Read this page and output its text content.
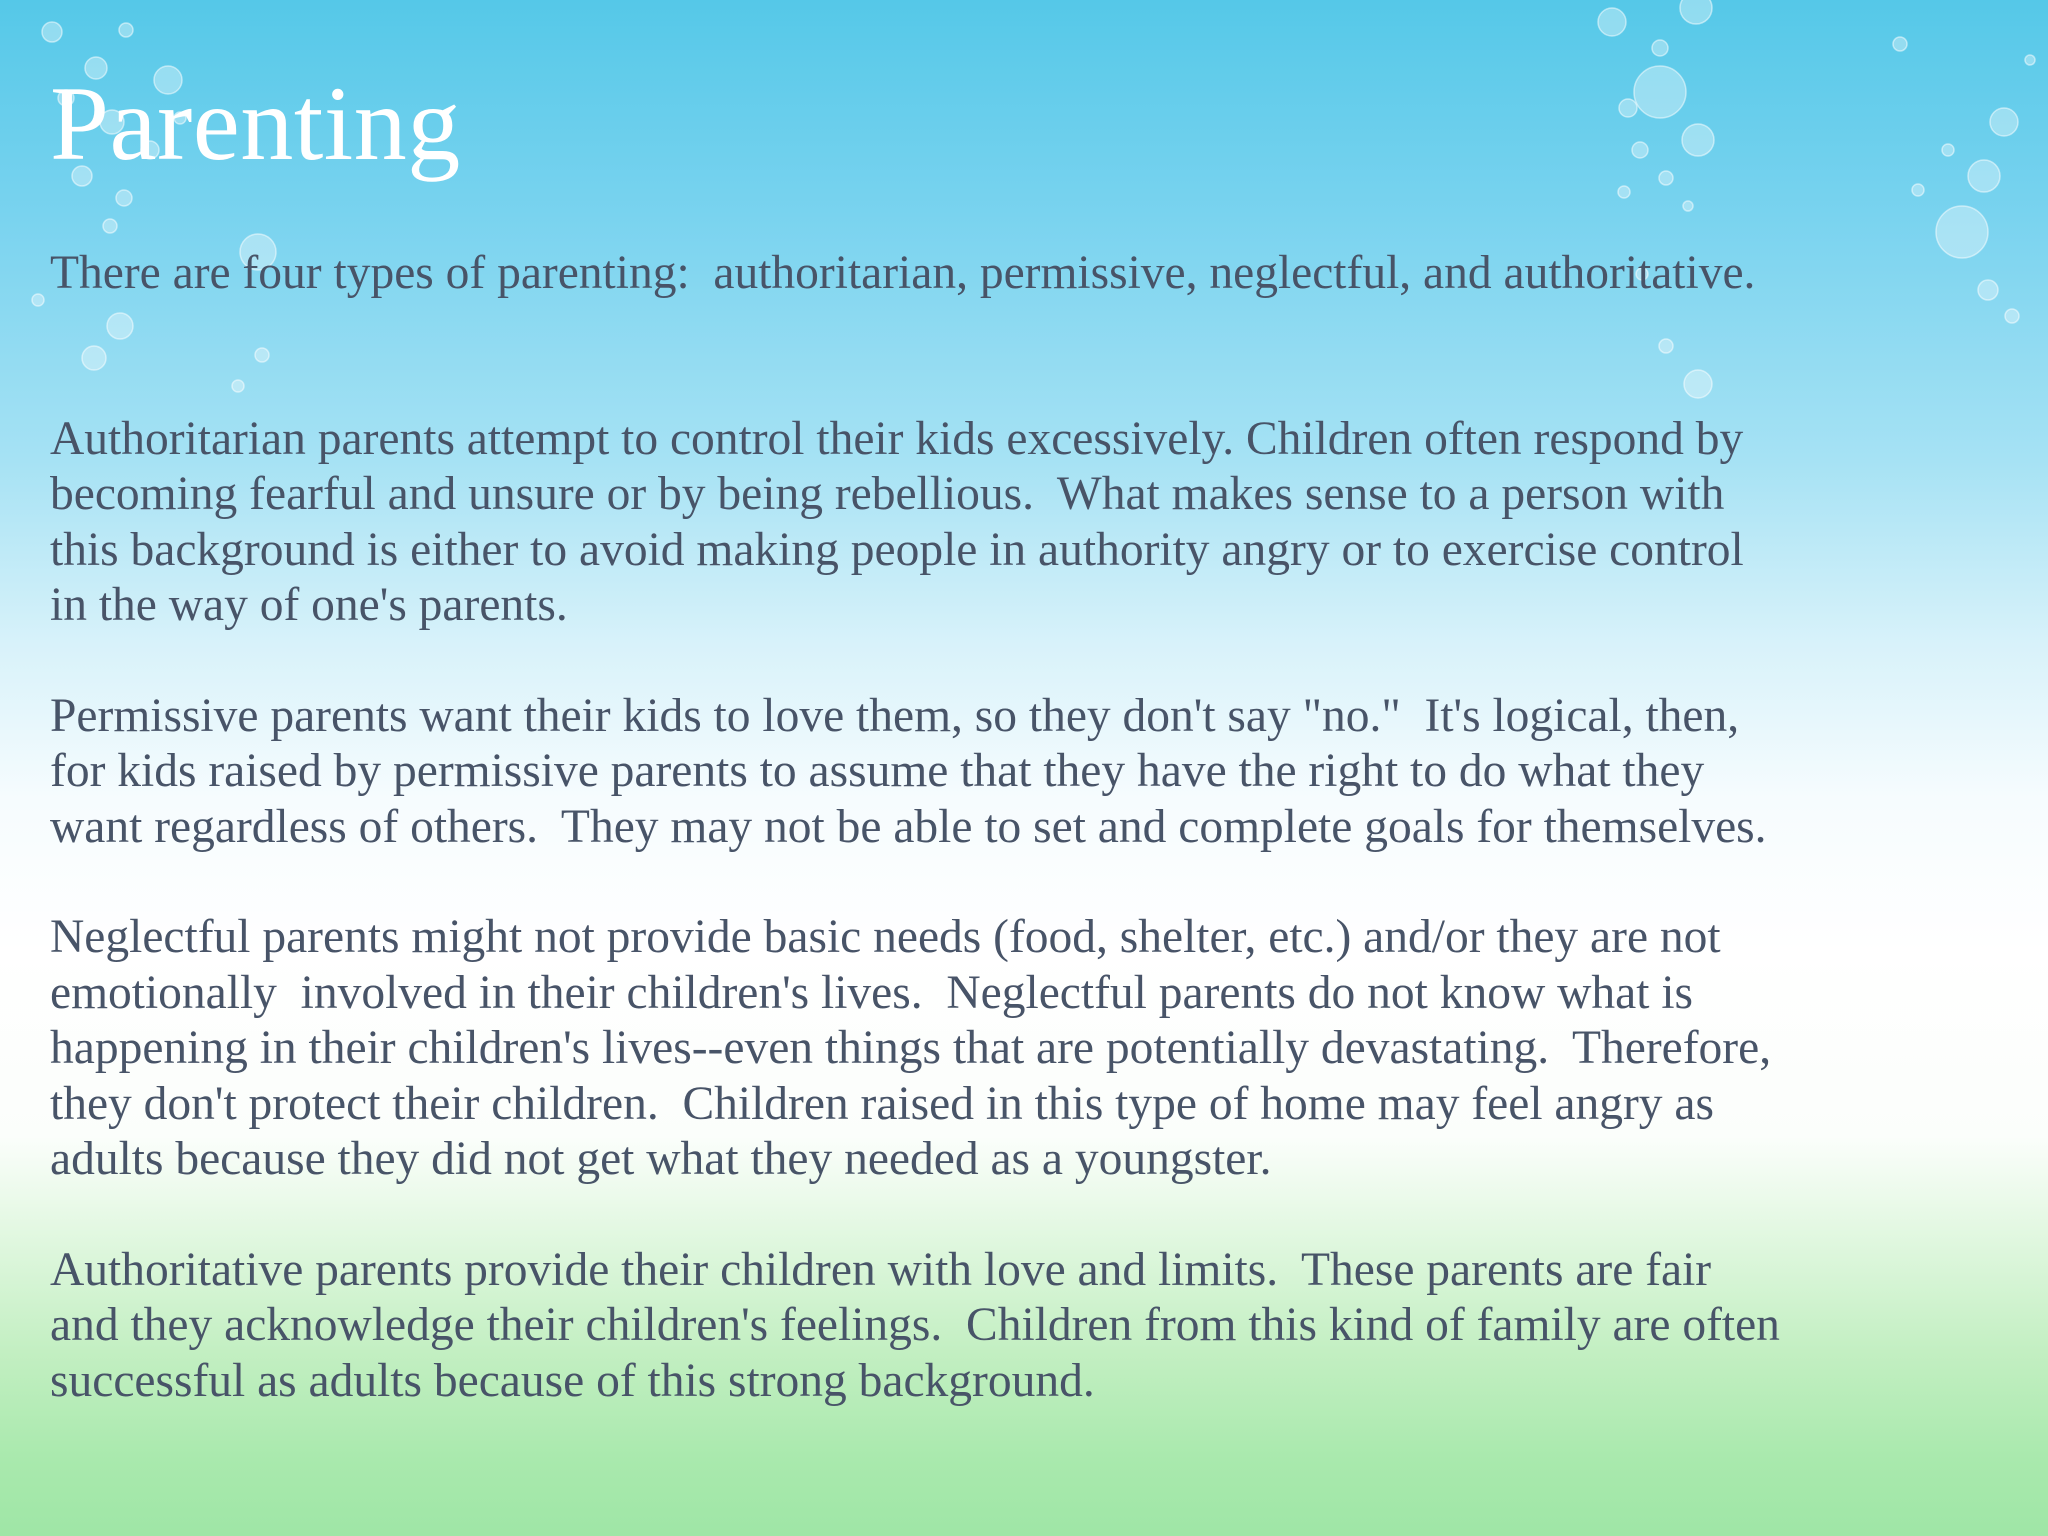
Parenting

There are four types of parenting:  authoritarian, permissive, neglectful, and authoritative.

Authoritarian parents attempt to control their kids excessively. Children often respond by
becoming fearful and unsure or by being rebellious.  What makes sense to a person with
this background is either to avoid making people in authority angry or to exercise control
in the way of one's parents.

Permissive parents want their kids to love them, so they don't say "no."  It's logical, then,
for kids raised by permissive parents to assume that they have the right to do what they
want regardless of others.  They may not be able to set and complete goals for themselves.

Neglectful parents might not provide basic needs (food, shelter, etc.) and/or they are not
emotionally  involved in their children's lives.  Neglectful parents do not know what is
happening in their children's lives--even things that are potentially devastating.  Therefore,
they don't protect their children.  Children raised in this type of home may feel angry as
adults because they did not get what they needed as a youngster.

Authoritative parents provide their children with love and limits.  These parents are fair
and they acknowledge their children's feelings.  Children from this kind of family are often
successful as adults because of this strong background.
